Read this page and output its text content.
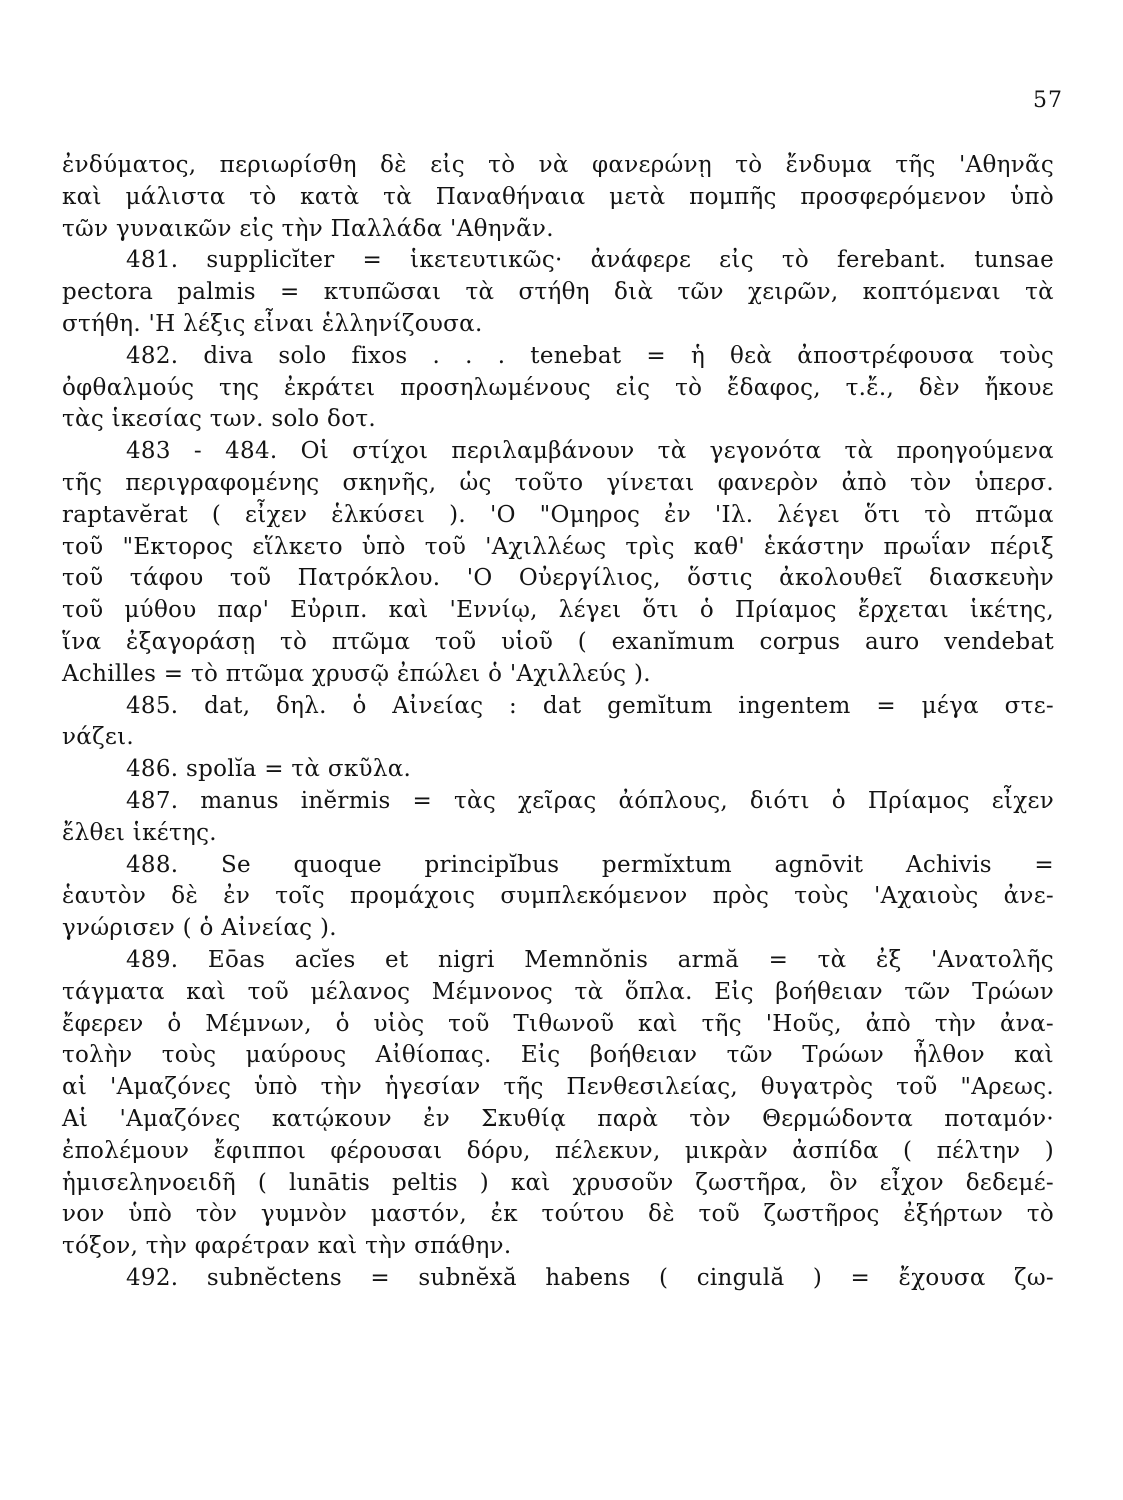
57
ἐνδύματος, περιωρίσθη δὲ εἰς τὸ νὰ φανερώνῃ τὸ ἔνδυμα τῆς 'Αθηνᾶς
καὶ μάλιστα τὸ κατὰ τὰ Παναθήναια μετὰ πομπῆς προσφερόμενον ὑπὸ
τῶν γυναικῶν εἰς τὴν Παλλάδα 'Αθηνᾶν.
481. supplicĭter = ἱκετευτικῶς· ἀνάφερε εἰς τὸ ferebant. tunsae
pectora palmis = κτυπῶσαι τὰ στήθη διὰ τῶν χειρῶν, κοπτόμεναι τὰ
στήθη. 'Η λέξις εἶναι ἑλληνίζουσα.
482. diva solo fixos . . . tenebat = ἡ θεὰ ἀποστρέφουσα τοὺς
ὀφθαλμούς της ἐκράτει προσηλωμένους εἰς τὸ ἔδαφος, τ.ἔ., δὲν ἤκουε
τὰς ἱκεσίας των. solo δοτ.
483 - 484. Οἱ στίχοι περιλαμβάνουν τὰ γεγονότα τὰ προηγούμενα
τῆς περιγραφομένης σκηνῆς, ὡς τοῦτο γίνεται φανερὸν ἀπὸ τὸν ὑπερσ.
raptavĕrat ( εἶχεν ἑλκύσει ). 'Ο "Ομηρος ἐν 'Ιλ. λέγει ὅτι τὸ πτῶμα
τοῦ "Εκτορος εἵλκετο ὑπὸ τοῦ 'Αχιλλέως τρὶς καθ' ἑκάστην πρωΐαν πέριξ
τοῦ τάφου τοῦ Πατρόκλου. 'Ο Οὐεργίλιος, ὅστις ἀκολουθεῖ διασκευὴν
τοῦ μύθου παρ' Εὐριπ. καὶ 'Εννίῳ, λέγει ὅτι ὁ Πρίαμος ἔρχεται ἱκέτης,
ἵνα ἐξαγοράσῃ τὸ πτῶμα τοῦ υἱοῦ ( exanĭmum corpus auro vendebat
Achilles = τὸ πτῶμα χρυσῷ ἐπώλει ὁ 'Αχιλλεύς ).
485. dat, δηλ. ὁ Αἰνείας : dat gemĭtum ingentem = μέγα στε-
νάζει.
486. spolĭa = τὰ σκῦλα.
487. manus inĕrmis = τὰς χεῖρας ἀόπλους, διότι ὁ Πρίαμος εἶχεν
ἔλθει ἱκέτης.
488. Se quoque principĭbus permĭxtum agnōvit Achivis =
ἑαυτὸν δὲ ἐν τοῖς προμάχοις συμπλεκόμενον πρὸς τοὺς 'Αχαιοὺς ἀνε-
γνώρισεν ( ὁ Αἰνείας ).
489. Eōas acĭes et nigri Memnŏnis armă = τὰ ἐξ 'Ανατολῆς
τάγματα καὶ τοῦ μέλανος Μέμνονος τὰ ὅπλα. Εἰς βοήθειαν τῶν Τρώων
ἔφερεν ὁ Μέμνων, ὁ υἱὸς τοῦ Τιθωνοῦ καὶ τῆς 'Ηοῦς, ἀπὸ τὴν ἀνα-
τολὴν τοὺς μαύρους Αἰθίοπας. Εἰς βοήθειαν τῶν Τρώων ἦλθον καὶ
αἱ 'Αμαζόνες ὑπὸ τὴν ἡγεσίαν τῆς Πενθεσιλείας, θυγατρὸς τοῦ "Αρεως.
Αἱ 'Αμαζόνες κατῴκουν ἐν Σκυθίᾳ παρὰ τὸν Θερμώδοντα ποταμόν·
ἐπολέμουν ἔφιπποι φέρουσαι δόρυ, πέλεκυν, μικρὰν ἀσπίδα ( πέλτην )
ἡμισεληνοειδῆ ( lunātis peltis ) καὶ χρυσοῦν ζωστῆρα, ὃν εἶχον δεδεμέ-
νον ὑπὸ τὸν γυμνὸν μαστόν, ἐκ τούτου δὲ τοῦ ζωστῆρος ἐξήρτων τὸ
τόξον, τὴν φαρέτραν καὶ τὴν σπάθην.
492. subnĕctens = subnĕxă habens ( cingulă ) = ἔχουσα ζω-
